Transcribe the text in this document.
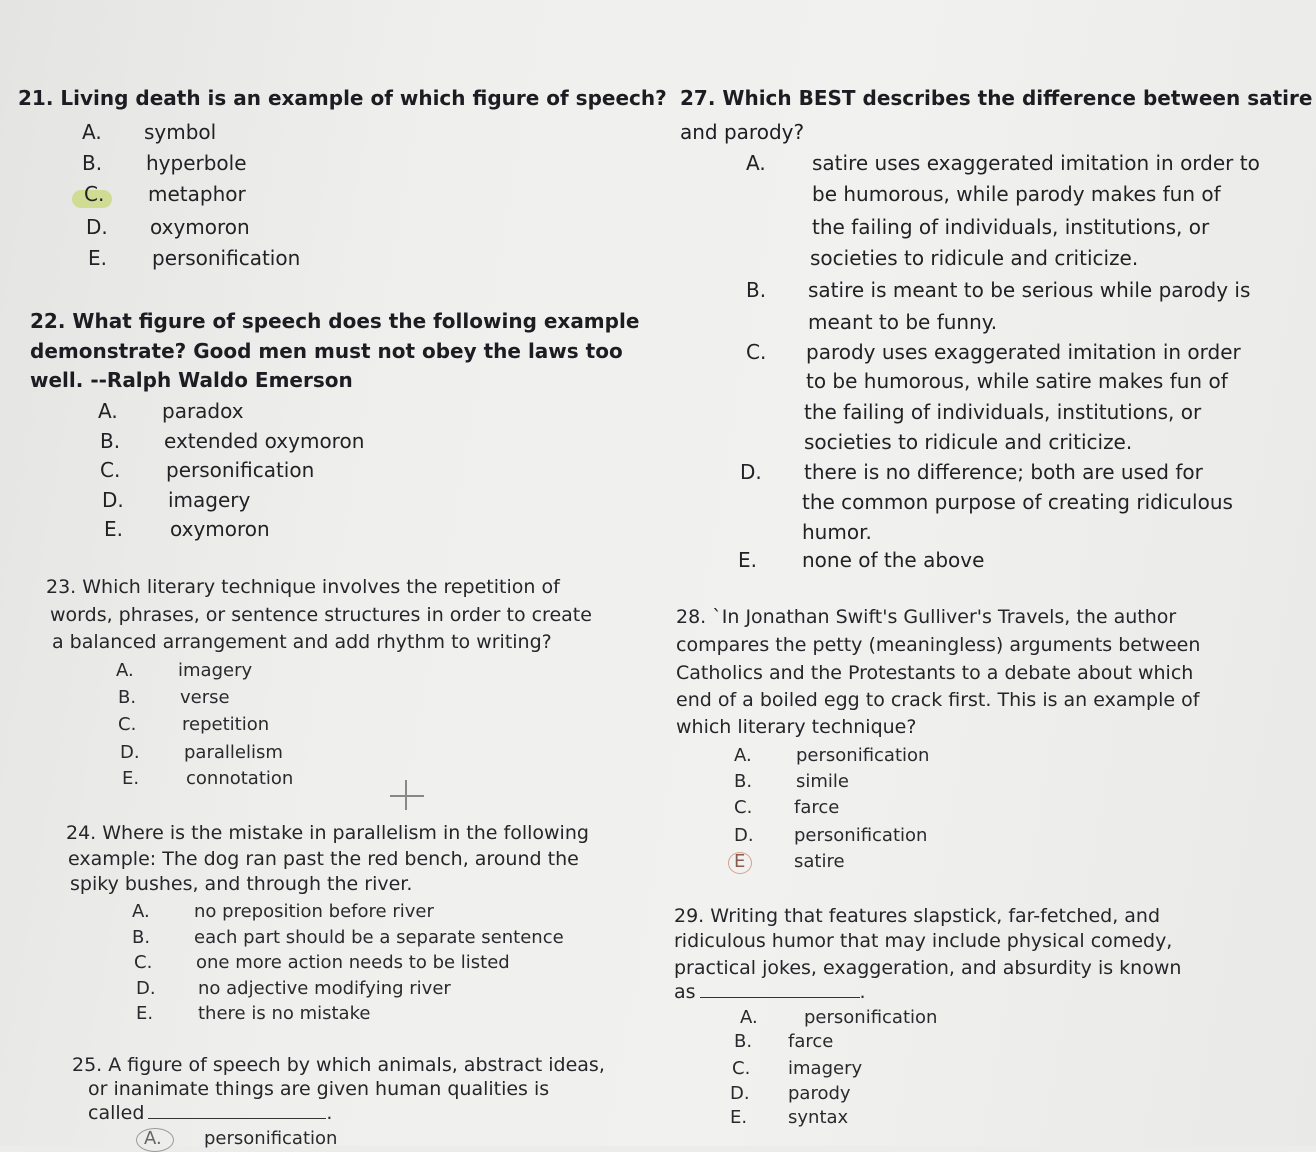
21. Living death is an example of which figure of speech?
A. symbol
B. hyperbole
C. metaphor
D. oxymoron
E. personification
22. What figure of speech does the following example
demonstrate? Good men must not obey the laws too
well. --Ralph Waldo Emerson
A. paradox
B. extended oxymoron
C. personification
D. imagery
E. oxymoron
23. Which literary technique involves the repetition of
words, phrases, or sentence structures in order to create
a balanced arrangement and add rhythm to writing?
A. imagery
B. verse
C.	repetition
D. parallelism
E.	connotation
24. Where is the mistake in parallelism in the following
example: The dog ran past the red bench, around the
spiky bushes, and through the river.
A. no preposition before river
B. each part should be a separate sentence
C. one more action needs to be listed
D. no adjective modifying river
E. there is no mistake
25. A figure of speech by which animals, abstract ideas,
or inanimate things are given human qualities is
called	.
A. personification
27. Which BEST describes the difference between satire
and parody?
A. satire uses exaggerated imitation in order to
be humorous, while parody makes fun of
the failing of individuals, institutions, or
societies to ridicule and criticize.
B. satire is meant to be serious while parody is
meant to be funny.
C. parody uses exaggerated imitation in order
to be humorous, while satire makes fun of
the failing of individuals, institutions, or
societies to ridicule and criticize.
D. there is no difference; both are used for
the common purpose of creating ridiculous
humor.
E. none of the above
28. `In Jonathan Swift's Gulliver's Travels, the author
compares the petty (meaningless) arguments between
Catholics and the Protestants to a debate about which
end of a boiled egg to crack first. This is an example of
which literary technique?
A. personification
B. simile
C. farce
D. personification
E	satire
29. Writing that features slapstick, far-fetched, and
ridiculous humor that may include physical comedy,
practical jokes, exaggeration, and absurdity is known
as	.
A.	personification
B. farce
C. imagery
D. parody
E. syntax
